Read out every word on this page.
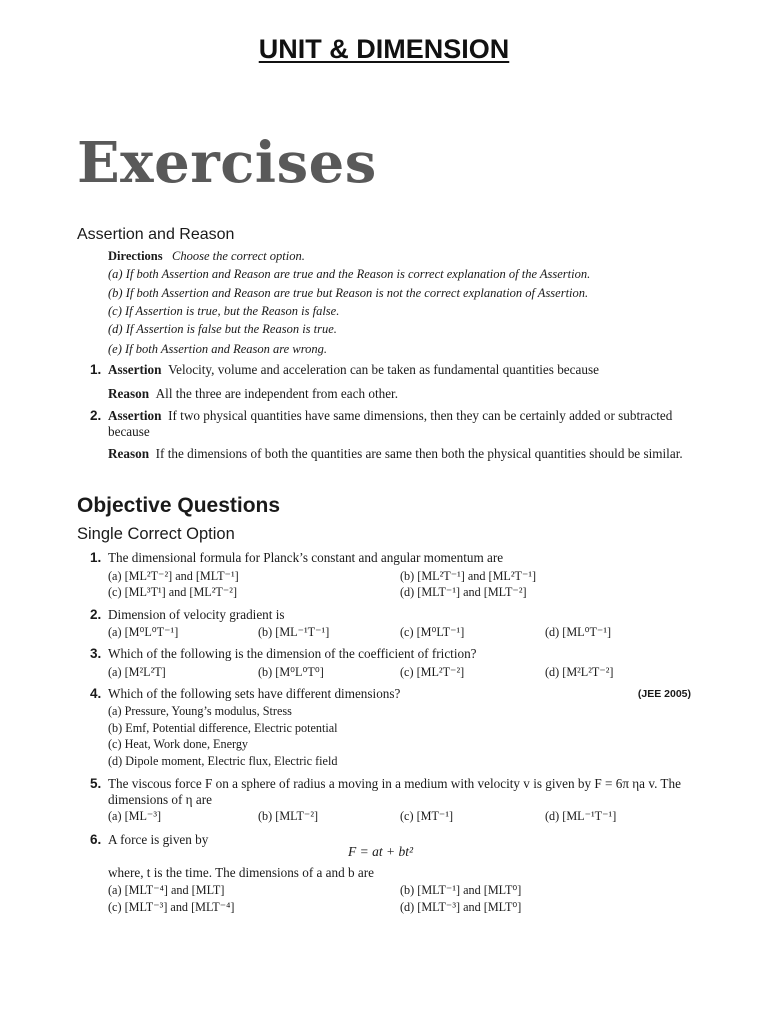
UNIT & DIMENSION
Exercises
Assertion and Reason
Directions Choose the correct option.
(a) If both Assertion and Reason are true and the Reason is correct explanation of the Assertion.
(b) If both Assertion and Reason are true but Reason is not the correct explanation of Assertion.
(c) If Assertion is true, but the Reason is false.
(d) If Assertion is false but the Reason is true.
(e) If both Assertion and Reason are wrong.
1. Assertion Velocity, volume and acceleration can be taken as fundamental quantities because
Reason All the three are independent from each other.
2. Assertion If two physical quantities have same dimensions, then they can be certainly added or subtracted because
Reason If the dimensions of both the quantities are same then both the physical quantities should be similar.
Objective Questions
Single Correct Option
1. The dimensional formula for Planck’s constant and angular momentum are
(a) [ML²T⁻²] and [MLT⁻¹]	(b) [ML²T⁻¹] and [ML²T⁻¹]
(c) [ML³T¹] and [ML²T⁻²]	(d) [MLT⁻¹] and [MLT⁻²]
2. Dimension of velocity gradient is
(a) [M⁰L⁰T⁻¹]	(b) [ML⁻¹T⁻¹]	(c) [M⁰LT⁻¹]	(d) [ML⁰T⁻¹]
3. Which of the following is the dimension of the coefficient of friction?
(a) [M²L²T]	(b) [M⁰L⁰T⁰]	(c) [ML²T⁻²]	(d) [M²L²T⁻²]
4. Which of the following sets have different dimensions?	(JEE 2005)
(a) Pressure, Young’s modulus, Stress
(b) Emf, Potential difference, Electric potential
(c) Heat, Work done, Energy
(d) Dipole moment, Electric flux, Electric field
5. The viscous force F on a sphere of radius a moving in a medium with velocity v is given by F = 6π ηa v. The dimensions of η are
(a) [ML⁻³]	(b) [MLT⁻²]	(c) [MT⁻¹]	(d) [ML⁻¹T⁻¹]
6. A force is given by
F = at + bt²
where, t is the time. The dimensions of a and b are
(a) [MLT⁻⁴] and [MLT]	(b) [MLT⁻¹] and [MLT⁰]
(c) [MLT⁻³] and [MLT⁻⁴]	(d) [MLT⁻³] and [MLT⁰]
